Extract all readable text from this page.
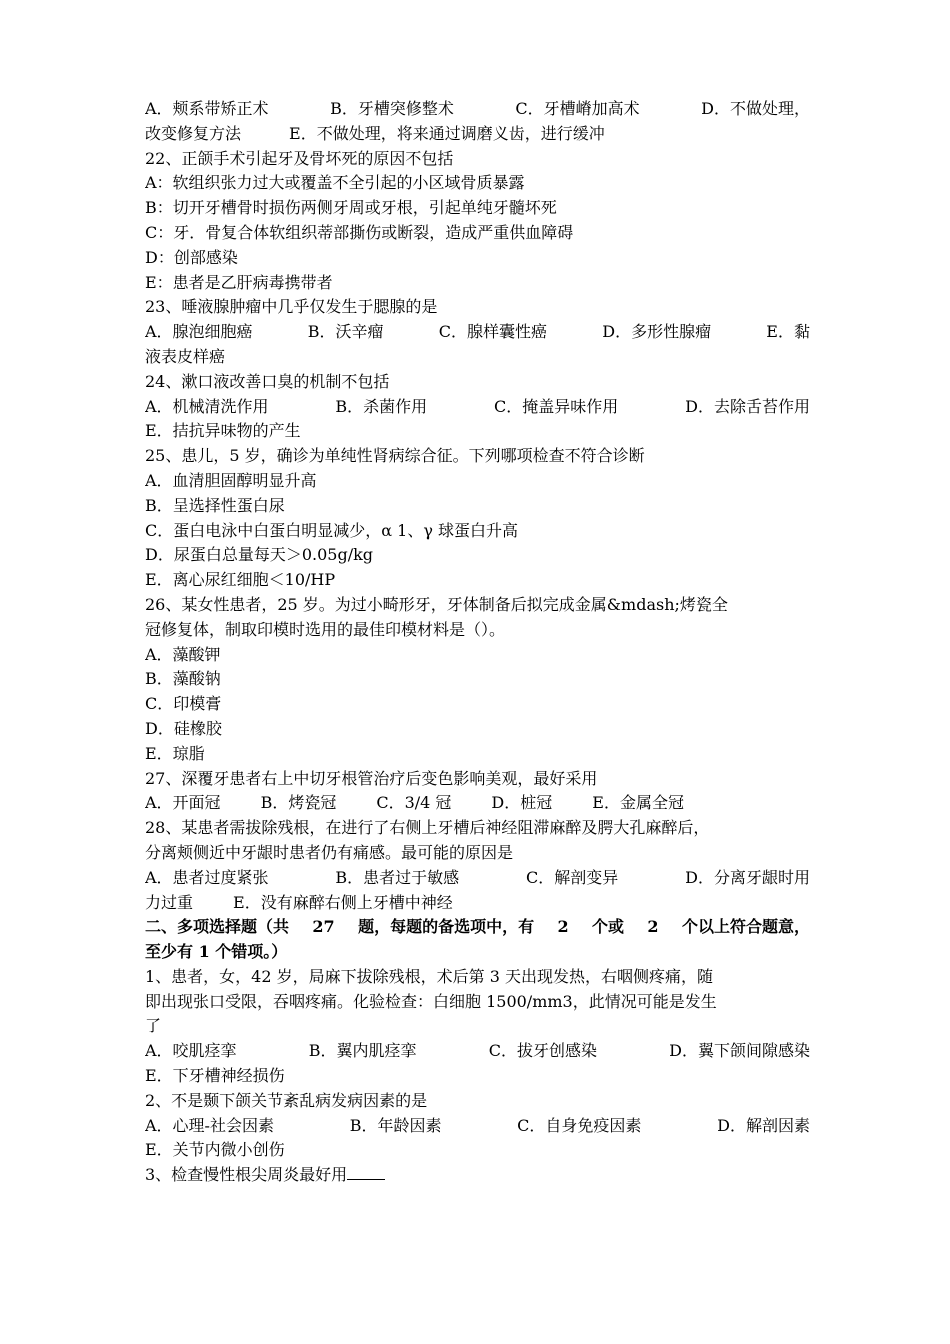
A．颊系带矫正术	B．牙槽突修整术	C．牙槽嵴加高术	D．不做处理，
改变修复方法	E．不做处理，将来通过调磨义齿，进行缓冲
22、正颌手术引起牙及骨坏死的原因不包括
A：软组织张力过大或覆盖不全引起的小区域骨质暴露
B：切开牙槽骨时损伤两侧牙周或牙根，引起单纯牙髓坏死
C：牙．骨复合体软组织蒂部撕伤或断裂，造成严重供血障碍
D：创部感染
E：患者是乙肝病毒携带者
23、唾液腺肿瘤中几乎仅发生于腮腺的是
A．腺泡细胞癌	B．沃辛瘤	C．腺样囊性癌	D．多形性腺瘤	E．黏
液表皮样癌
24、漱口液改善口臭的机制不包括
A．机械清洗作用	B．杀菌作用	C．掩盖异味作用	D．去除舌苔作用
E．拮抗异味物的产生
25、患儿，5 岁，确诊为单纯性肾病综合征。下列哪项检查不符合诊断
A．血清胆固醇明显升高
B．呈选择性蛋白尿
C．蛋白电泳中白蛋白明显减少，α 1、γ 球蛋白升高
D．尿蛋白总量每天＞0.05g/kg
E．离心尿红细胞＜10/HP
26、某女性患者，25 岁。为过小畸形牙，牙体制备后拟完成金属&mdash;烤瓷全
冠修复体，制取印模时选用的最佳印模材料是（）。
A．藻酸钾
B．藻酸钠
C．印模膏
D．硅橡胶
E．琼脂
27、深覆牙患者右上中切牙根管治疗后变色影响美观，最好采用
A．开面冠	B．烤瓷冠	C．3/4 冠	D．桩冠	E．金属全冠
28、某患者需拔除残根，在进行了右侧上牙槽后神经阻滞麻醉及腭大孔麻醉后，
分离颊侧近中牙龈时患者仍有痛感。最可能的原因是
A．患者过度紧张	B．患者过于敏感	C．解剖变异	D．分离牙龈时用
力过重	E．没有麻醉右侧上牙槽中神经
二、多项选择题（共 27 题，每题的备选项中，有 2 个或 2 个以上符合题意，
至少有 1 个错项。）
1、患者，女，42 岁，局麻下拔除残根，术后第 3 天出现发热，右咽侧疼痛，随
即出现张口受限，吞咽疼痛。化验检查：白细胞 1500/mm3，此情况可能是发生
了
A．咬肌痉挛	B．翼内肌痉挛	C．拔牙创感染	D．翼下颌间隙感染
E．下牙槽神经损伤
2、不是颞下颌关节紊乱病发病因素的是
A．心理-社会因素	B．年龄因素	C．自身免疫因素	D．解剖因素
E．关节内微小创伤
3、检查慢性根尖周炎最好用
